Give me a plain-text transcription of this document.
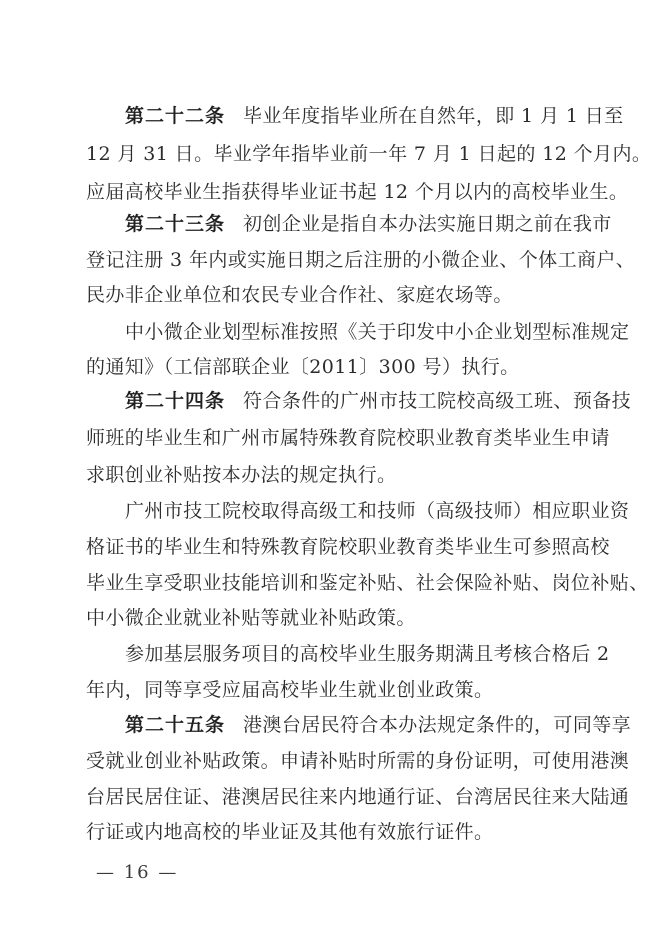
第二十二条 毕业年度指毕业所在自然年，即 1 月 1 日至
12 月 31 日。毕业学年指毕业前一年 7 月 1 日起的 12 个月内。
应届高校毕业生指获得毕业证书起 12 个月以内的高校毕业生。
第二十三条 初创企业是指自本办法实施日期之前在我市
登记注册 3 年内或实施日期之后注册的小微企业、个体工商户、
民办非企业单位和农民专业合作社、家庭农场等。
中小微企业划型标准按照《关于印发中小企业划型标准规定
的通知》（工信部联企业〔2011〕300 号）执行。
第二十四条 符合条件的广州市技工院校高级工班、预备技
师班的毕业生和广州市属特殊教育院校职业教育类毕业生申请
求职创业补贴按本办法的规定执行。
广州市技工院校取得高级工和技师（高级技师）相应职业资
格证书的毕业生和特殊教育院校职业教育类毕业生可参照高校
毕业生享受职业技能培训和鉴定补贴、社会保险补贴、岗位补贴、
中小微企业就业补贴等就业补贴政策。
参加基层服务项目的高校毕业生服务期满且考核合格后 2
年内，同等享受应届高校毕业生就业创业政策。
第二十五条 港澳台居民符合本办法规定条件的，可同等享
受就业创业补贴政策。申请补贴时所需的身份证明，可使用港澳
台居民居住证、港澳居民往来内地通行证、台湾居民往来大陆通
行证或内地高校的毕业证及其他有效旅行证件。
— 16 —
